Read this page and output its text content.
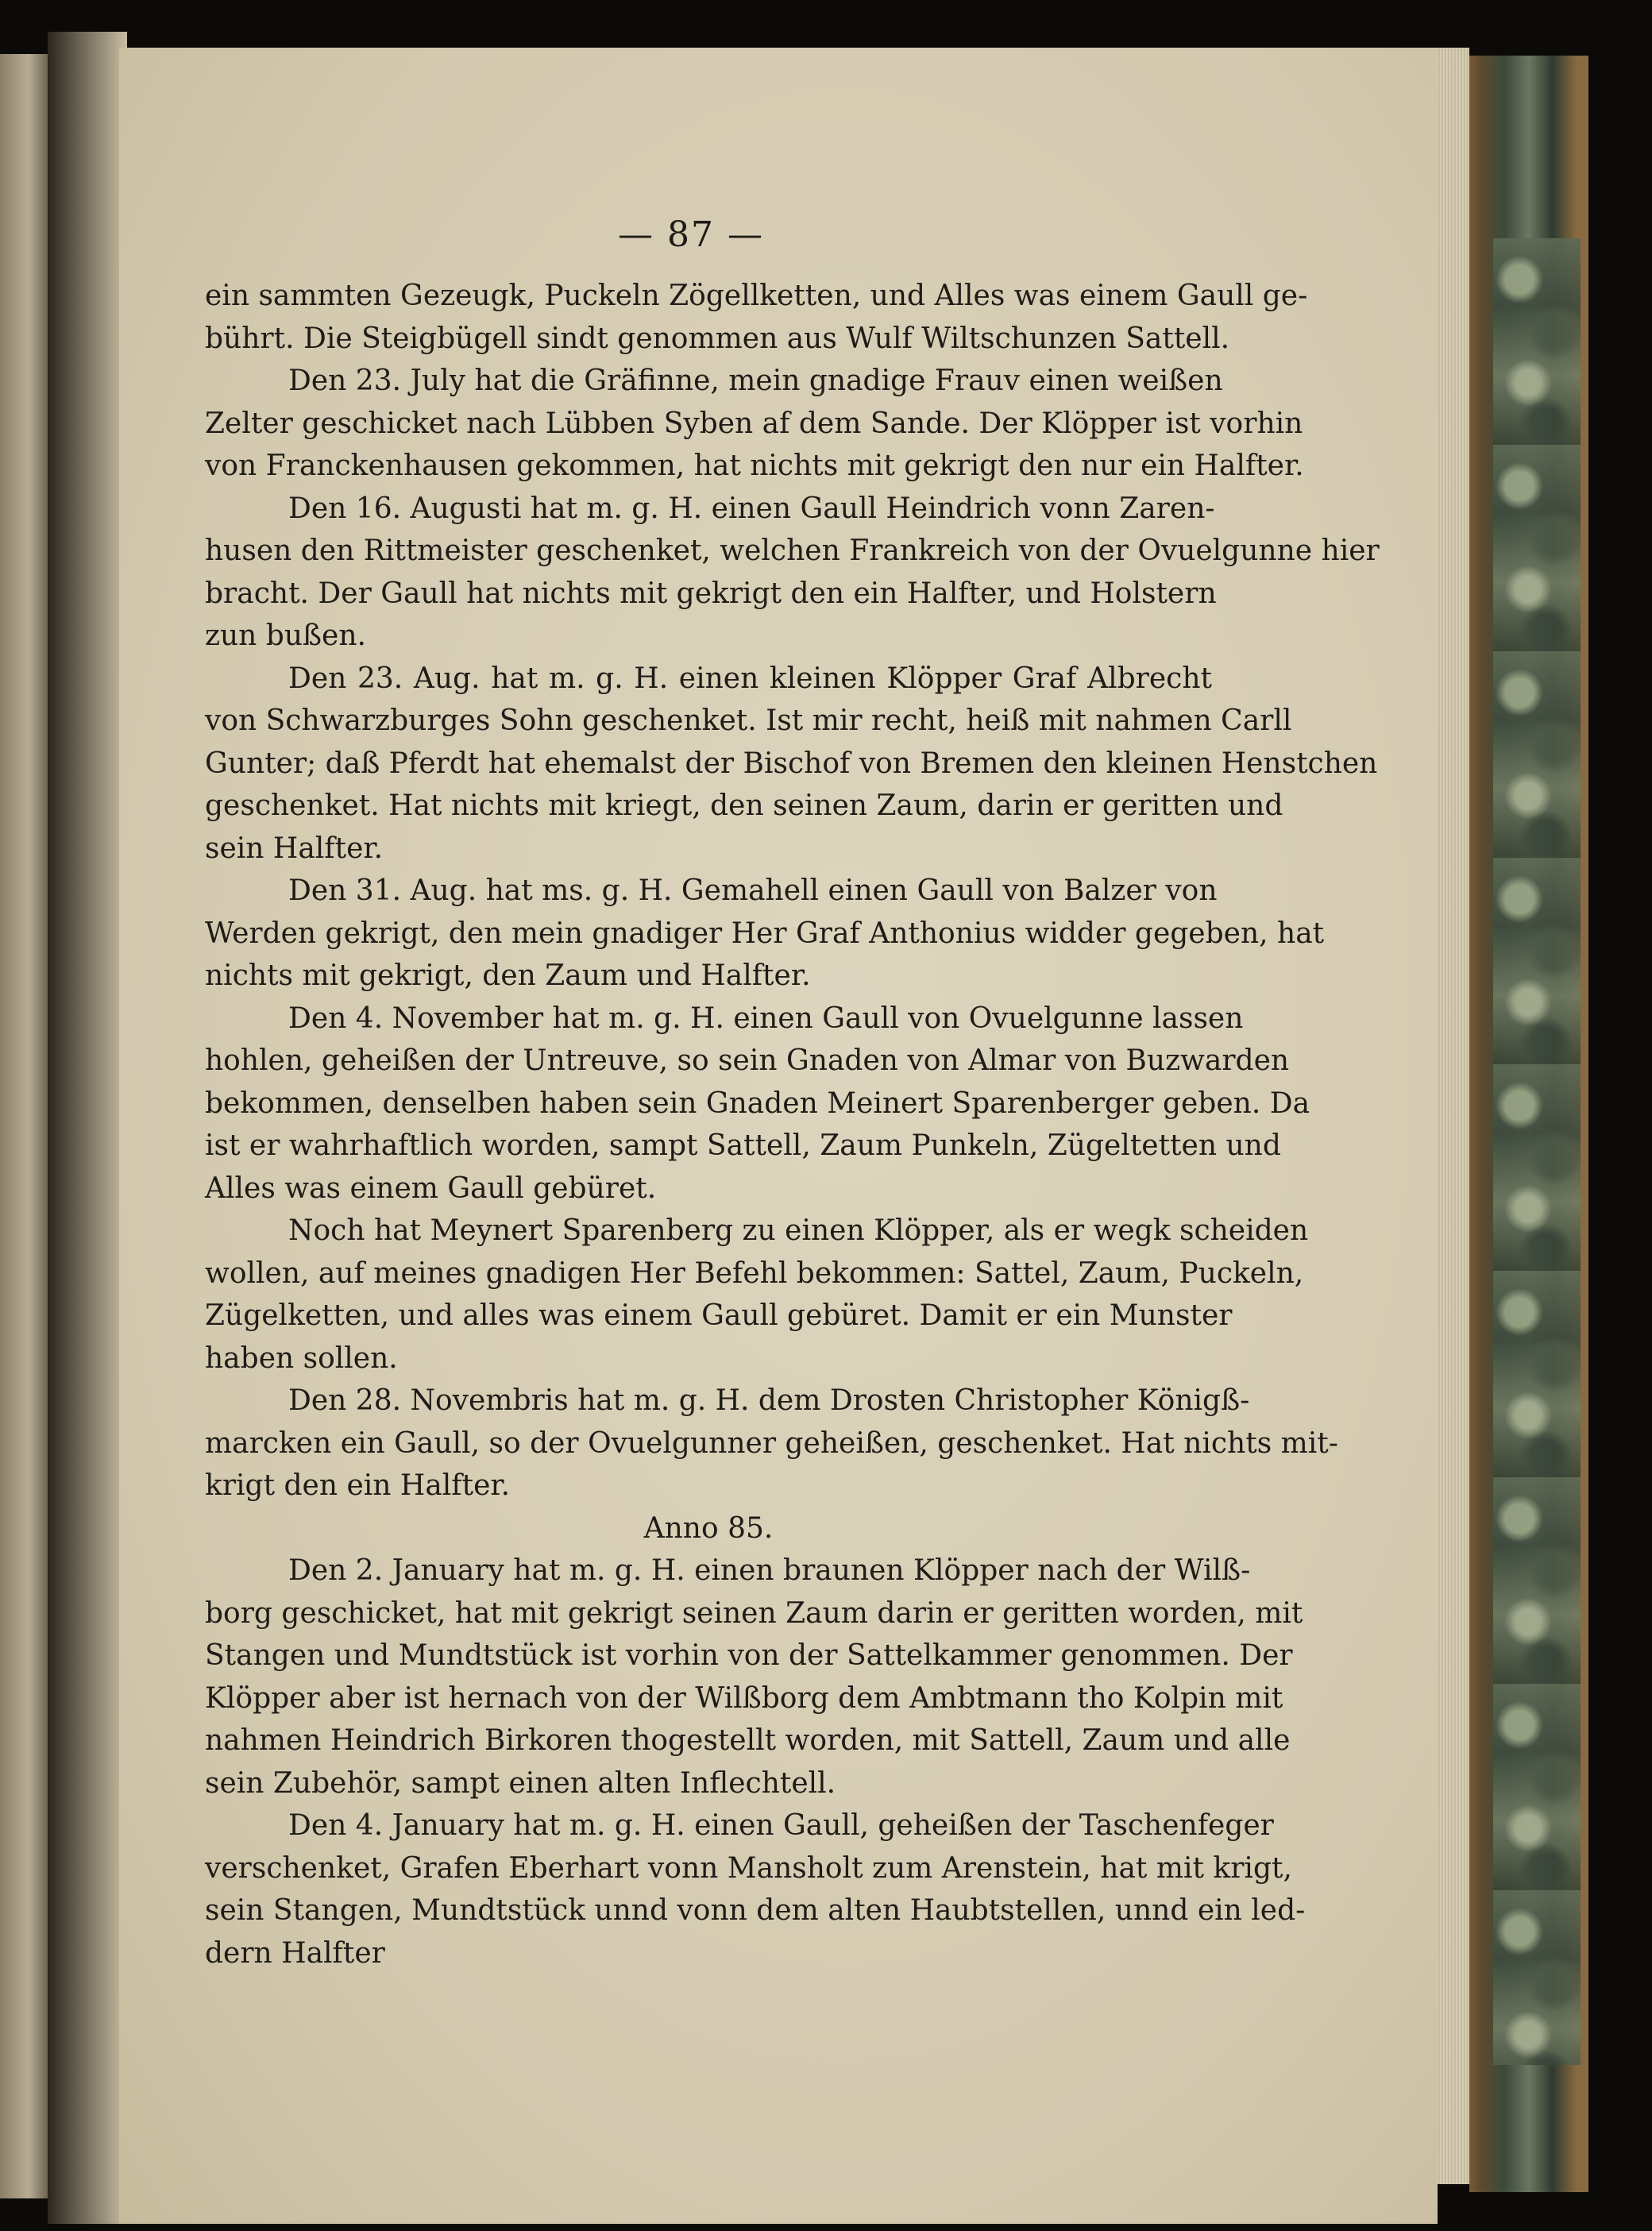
— 87 —
ein sammten Gezeugk, Puckeln Zögellketten, und Alles was einem Gaull ge-
bührt. Die Steigbügell sindt genommen aus Wulf Wiltschunzen Sattell.
Den 23. July hat die Gräfinne, mein gnadige Frauv einen weißen
Zelter geschicket nach Lübben Syben af dem Sande. Der Klöpper ist vorhin
von Franckenhausen gekommen, hat nichts mit gekrigt den nur ein Halfter.
Den 16. Augusti hat m. g. H. einen Gaull Heindrich vonn Zaren-
husen den Rittmeister geschenket, welchen Frankreich von der Ovuelgunne hier
bracht. Der Gaull hat nichts mit gekrigt den ein Halfter, und Holstern
zun bußen.
Den 23. Aug. hat m. g. H. einen kleinen Klöpper Graf Albrecht
von Schwarzburges Sohn geschenket. Ist mir recht, heiß mit nahmen Carll
Gunter; daß Pferdt hat ehemalst der Bischof von Bremen den kleinen Henstchen
geschenket. Hat nichts mit kriegt, den seinen Zaum, darin er geritten und
sein Halfter.
Den 31. Aug. hat ms. g. H. Gemahell einen Gaull von Balzer von
Werden gekrigt, den mein gnadiger Her Graf Anthonius widder gegeben, hat
nichts mit gekrigt, den Zaum und Halfter.
Den 4. November hat m. g. H. einen Gaull von Ovuelgunne lassen
hohlen, geheißen der Untreuve, so sein Gnaden von Almar von Buzwarden
bekommen, denselben haben sein Gnaden Meinert Sparenberger geben. Da
ist er wahrhaftlich worden, sampt Sattell, Zaum Punkeln, Zügeltetten und
Alles was einem Gaull gebüret.
Noch hat Meynert Sparenberg zu einen Klöpper, als er wegk scheiden
wollen, auf meines gnadigen Her Befehl bekommen: Sattel, Zaum, Puckeln,
Zügelketten, und alles was einem Gaull gebüret. Damit er ein Munster
haben sollen.
Den 28. Novembris hat m. g. H. dem Drosten Christopher Königß-
marcken ein Gaull, so der Ovuelgunner geheißen, geschenket. Hat nichts mit-
krigt den ein Halfter.
Anno 85.
Den 2. January hat m. g. H. einen braunen Klöpper nach der Wilß-
borg geschicket, hat mit gekrigt seinen Zaum darin er geritten worden, mit
Stangen und Mundtstück ist vorhin von der Sattelkammer genommen. Der
Klöpper aber ist hernach von der Wilßborg dem Ambtmann tho Kolpin mit
nahmen Heindrich Birkoren thogestellt worden, mit Sattell, Zaum und alle
sein Zubehör, sampt einen alten Inflechtell.
Den 4. January hat m. g. H. einen Gaull, geheißen der Taschenfeger
verschenket, Grafen Eberhart vonn Mansholt zum Arenstein, hat mit krigt,
sein Stangen, Mundtstück unnd vonn dem alten Haubtstellen, unnd ein led-
dern Halfter
